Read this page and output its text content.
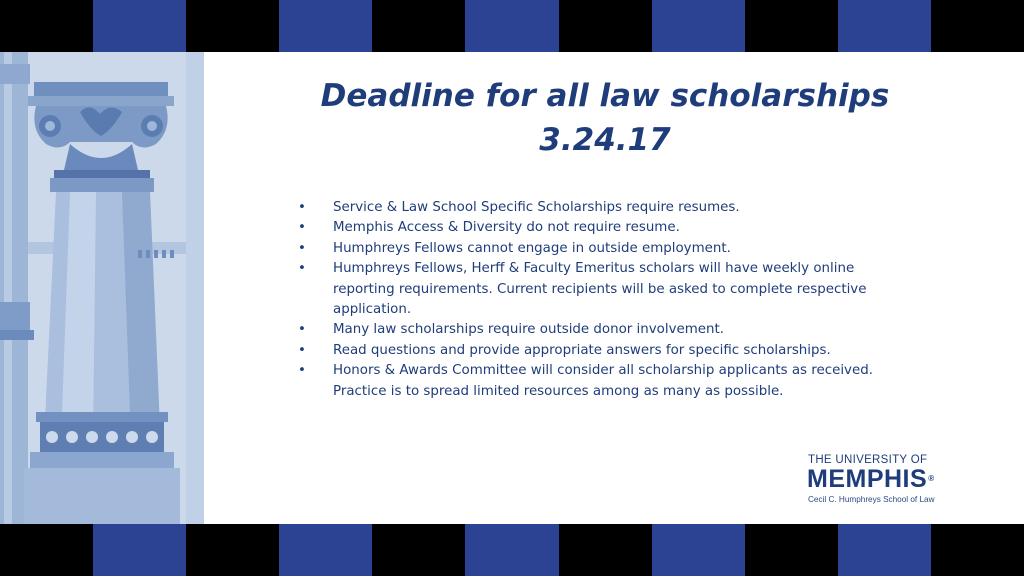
Deadline for all law scholarships
3.24.17
• Service & Law School Specific Scholarships require resumes.
• Memphis Access & Diversity do not require resume.
• Humphreys Fellows cannot engage in outside employment.
• Humphreys Fellows, Herff & Faculty Emeritus scholars will have weekly online reporting requirements. Current recipients will be asked to complete respective application.
• Many law scholarships require outside donor involvement.
• Read questions and provide appropriate answers for specific scholarships.
• Honors & Awards Committee will consider all scholarship applicants as received. Practice is to spread limited resources among as many as possible.
THE UNIVERSITY OF
MEMPHIS®
Cecil C. Humphreys School of Law
